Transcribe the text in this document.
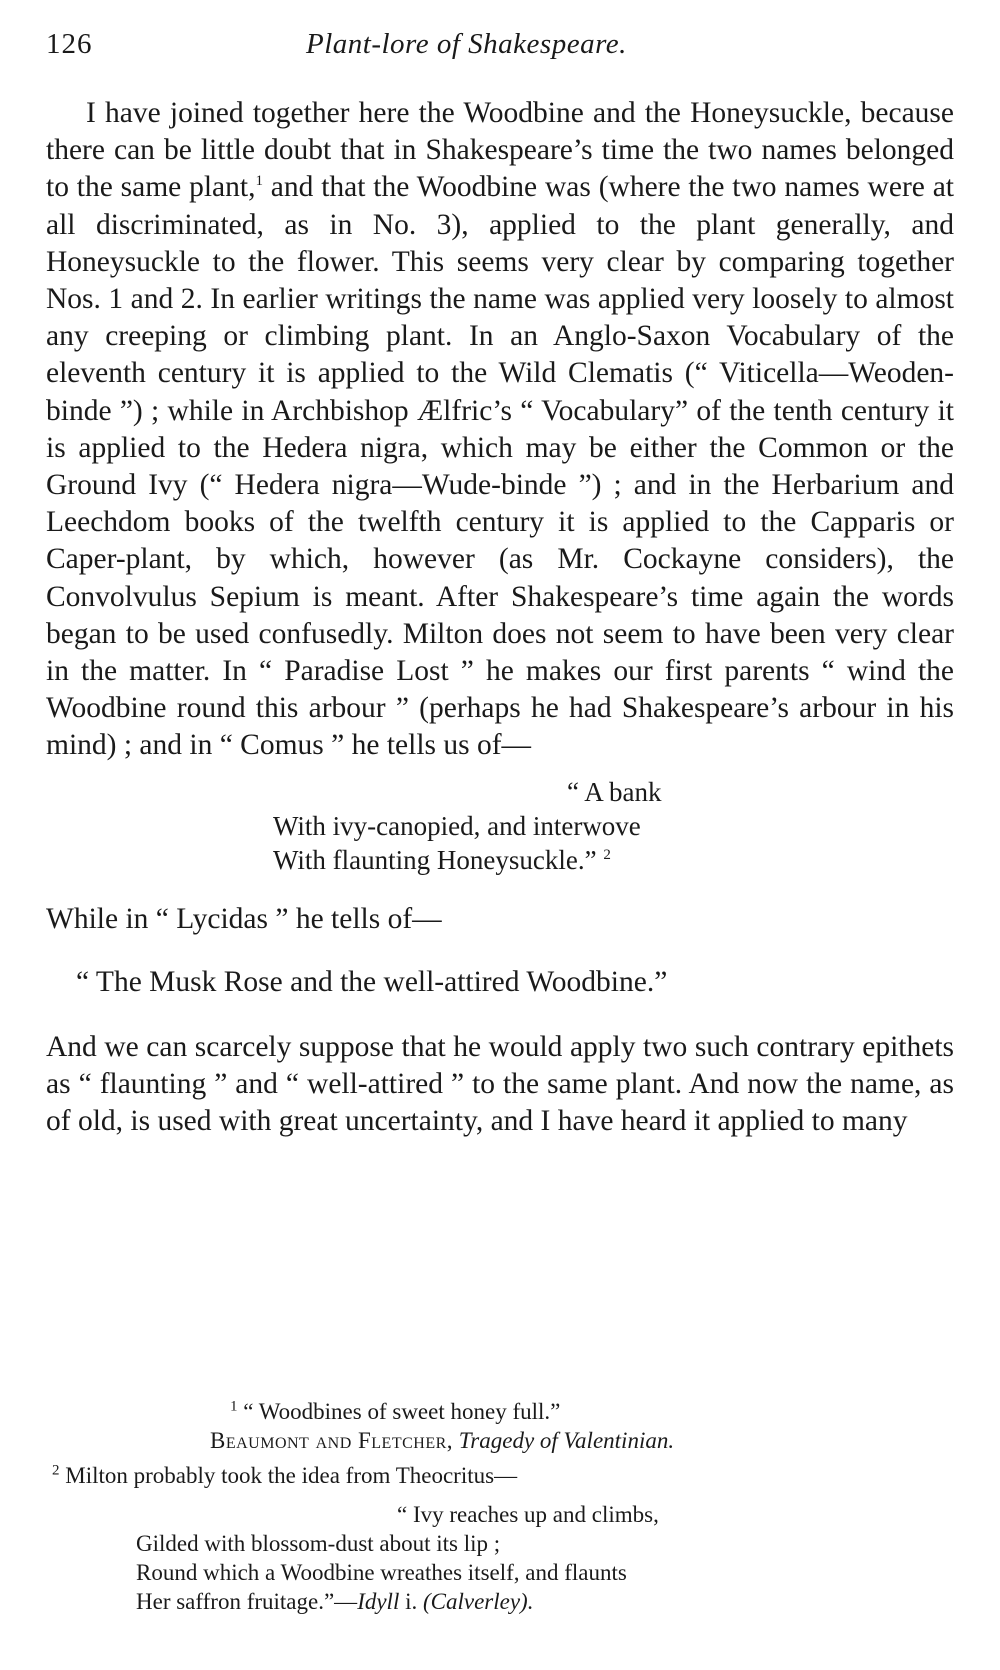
126	Plant-lore of Shakespeare.

I have joined together here the Woodbine and the Honeysuckle, because there can be little doubt that in Shakespeare’s time the two names belonged to the same plant,$^1$ and that the Woodbine was (where the two names were at all discriminated, as in No. 3), applied to the plant generally, and Honeysuckle to the flower. This seems very clear by comparing together Nos. 1 and 2. In earlier writings the name was applied very loosely to almost any creeping or climbing plant. In an Anglo-Saxon Vocabulary of the eleventh century it is applied to the Wild Clematis (“ Viticella—Weoden-binde ”) ; while in Archbishop Ælfric’s “ Vocabulary” of the tenth century it is applied to the Hedera nigra, which may be either the Common or the Ground Ivy (“ Hedera nigra—Wude-binde ”) ; and in the Herbarium and Leechdom books of the twelfth century it is applied to the Capparis or Caper-plant, by which, however (as Mr. Cockayne considers), the Convolvulus Sepium is meant. After Shakespeare’s time again the words began to be used confusedly. Milton does not seem to have been very clear in the matter. In “ Paradise Lost ” he makes our first parents “ wind the Woodbine round this arbour ” (perhaps he had Shakespeare’s arbour in his mind) ; and in “ Comus ” he tells us of—

“ A bank
With ivy-canopied, and interwove
With flaunting Honeysuckle.” $^2$

While in “ Lycidas ” he tells of—

“ The Musk Rose and the well-attired Woodbine.”

And we can scarcely suppose that he would apply two such contrary epithets as “ flaunting ” and “ well-attired ” to the same plant. And now the name, as of old, is used with great uncertainty, and I have heard it applied to many

$^1$ “ Woodbines of sweet honey full.”
Beaumont and Fletcher, Tragedy of Valentinian.
$^2$ Milton probably took the idea from Theocritus—
“ Ivy reaches up and climbs,
Gilded with blossom-dust about its lip ;
Round which a Woodbine wreathes itself, and flaunts
Her saffron fruitage.”—Idyll i. (Calverley).
